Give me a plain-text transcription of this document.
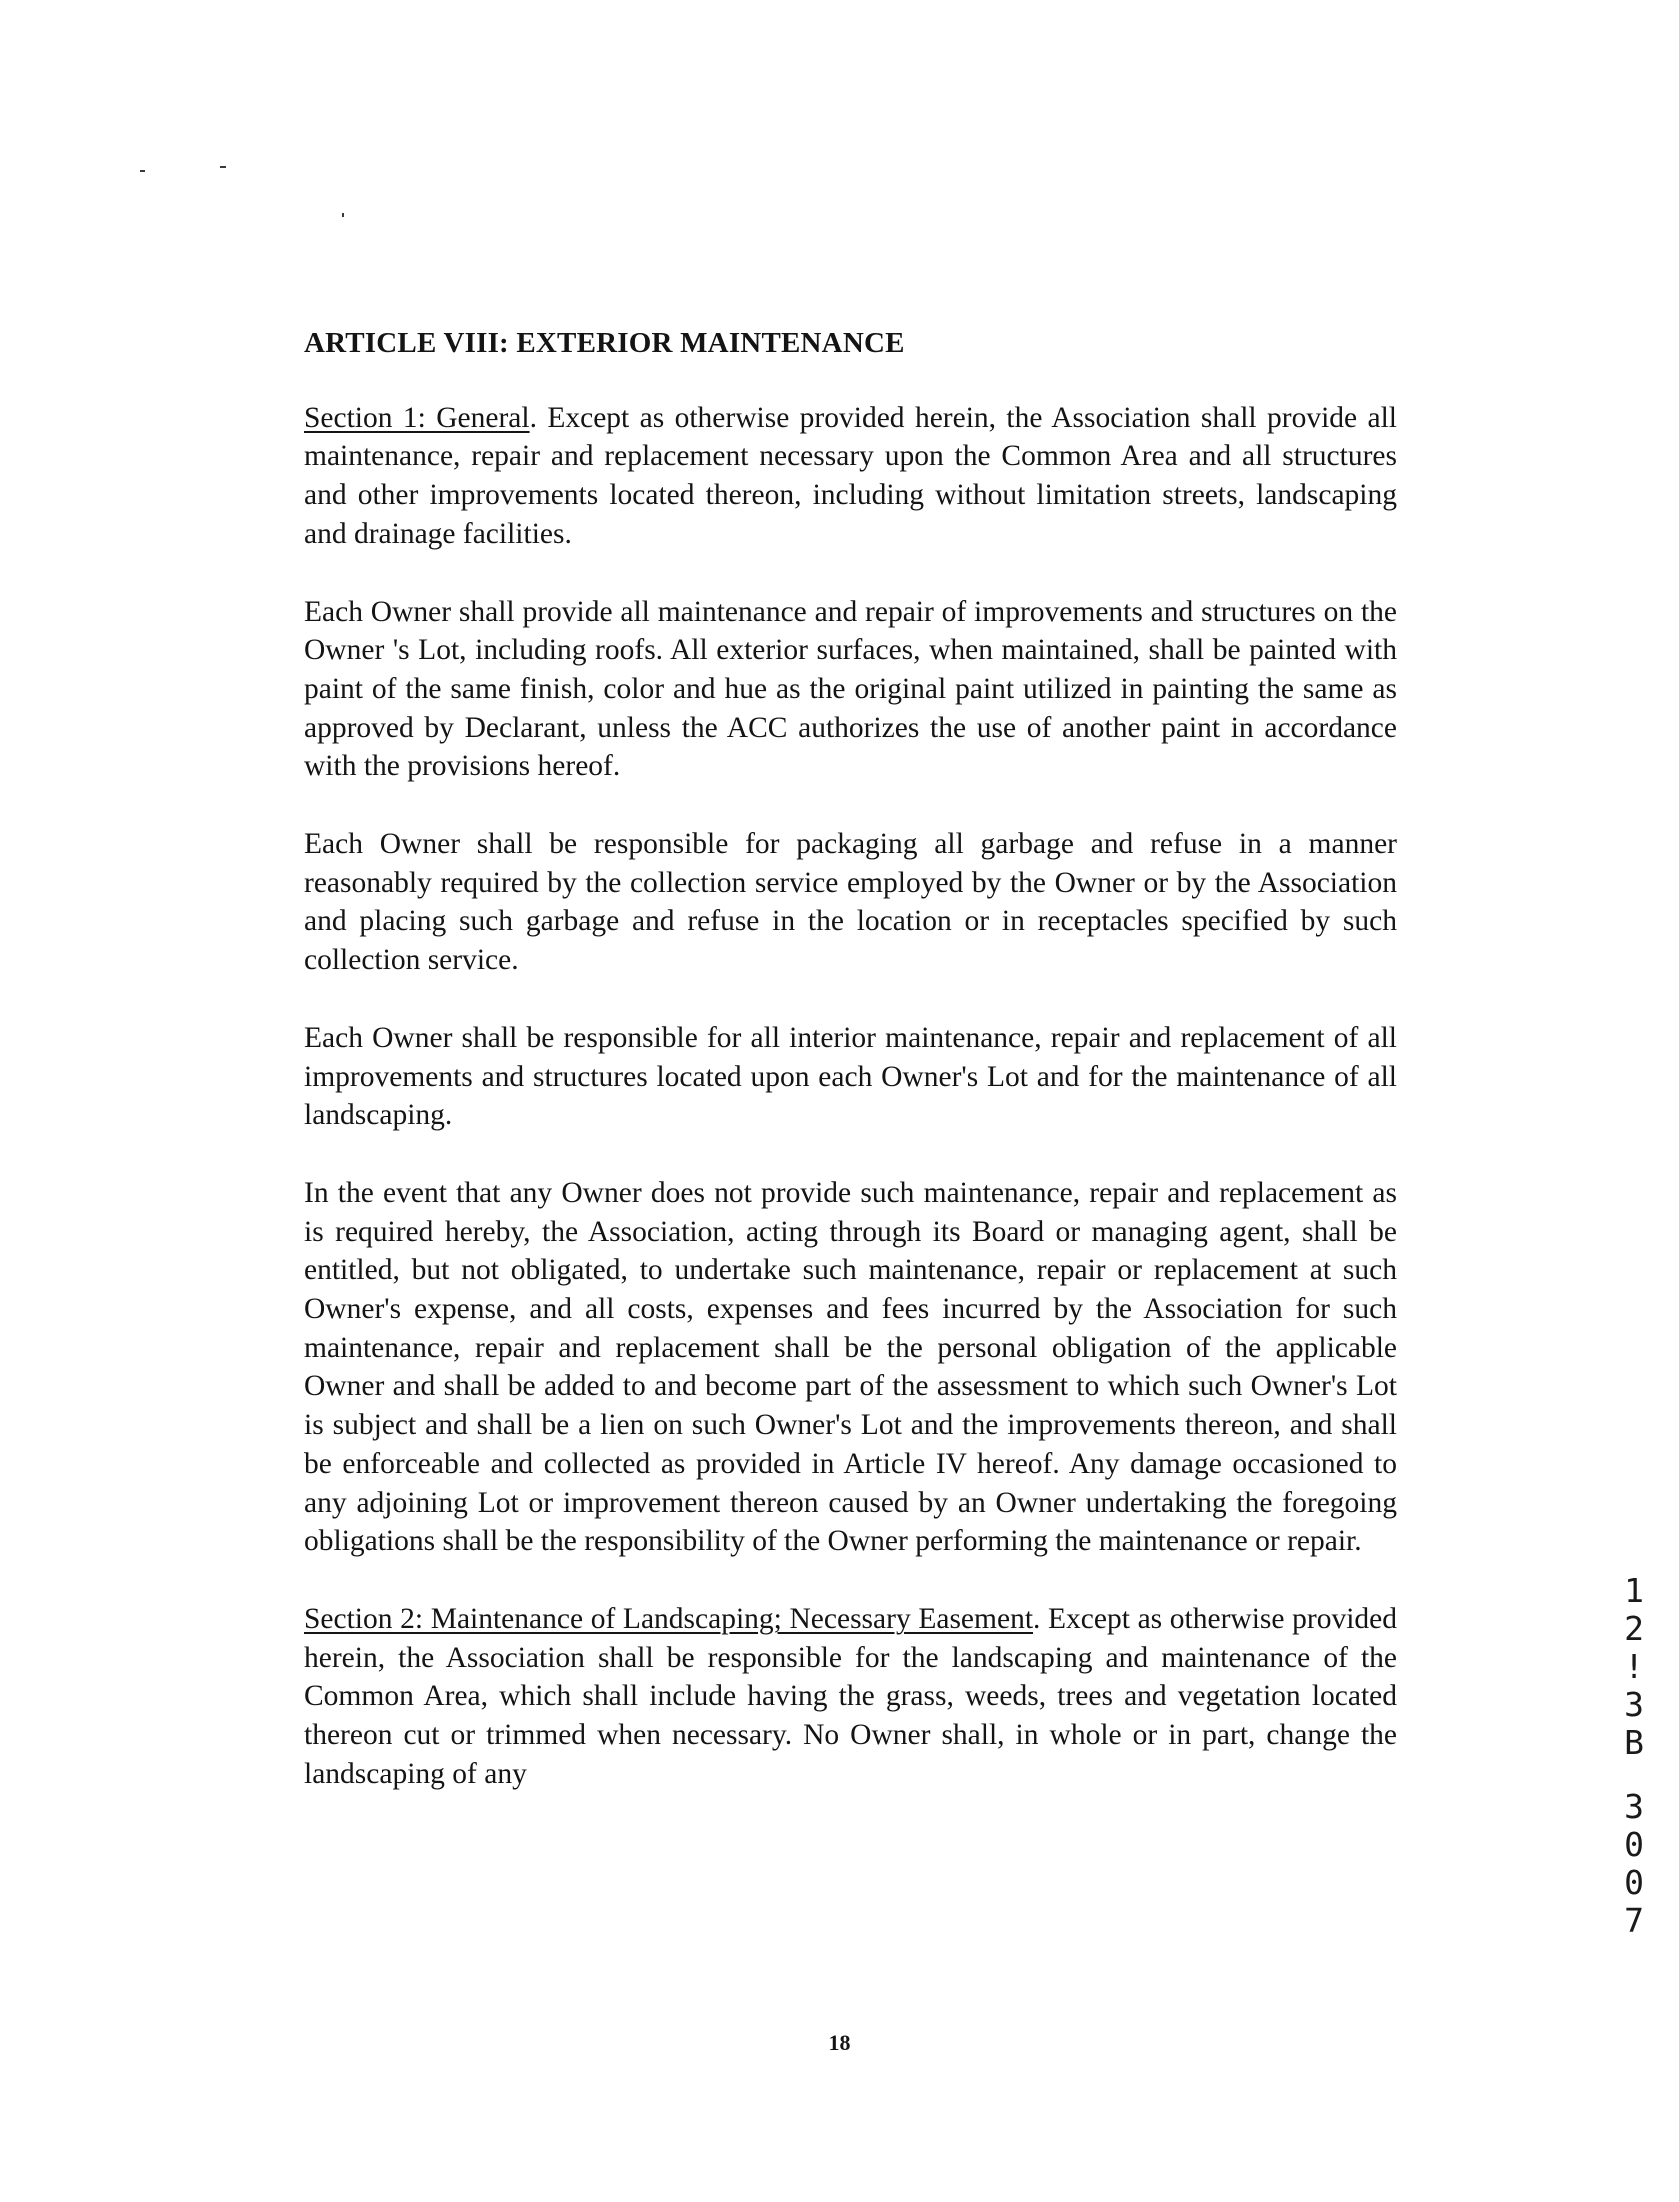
ARTICLE VIII: EXTERIOR MAINTENANCE

Section 1: General. Except as otherwise provided herein, the Association shall provide all maintenance, repair and replacement necessary upon the Common Area and all structures and other improvements located thereon, including without limitation streets, landscaping and drainage facilities.

Each Owner shall provide all maintenance and repair of improvements and structures on the Owner 's Lot, including roofs. All exterior surfaces, when maintained, shall be painted with paint of the same finish, color and hue as the original paint utilized in painting the same as approved by Declarant, unless the ACC authorizes the use of another paint in accordance with the provisions hereof.

Each Owner shall be responsible for packaging all garbage and refuse in a manner reasonably required by the collection service employed by the Owner or by the Association and placing such garbage and refuse in the location or in receptacles specified by such collection service.

Each Owner shall be responsible for all interior maintenance, repair and replacement of all improvements and structures located upon each Owner's Lot and for the maintenance of all landscaping.

In the event that any Owner does not provide such maintenance, repair and replacement as is required hereby, the Association, acting through its Board or managing agent, shall be entitled, but not obligated, to undertake such maintenance, repair or replacement at such Owner's expense, and all costs, expenses and fees incurred by the Association for such maintenance, repair and replacement shall be the personal obligation of the applicable Owner and shall be added to and become part of the assessment to which such Owner's Lot is subject and shall be a lien on such Owner's Lot and the improvements thereon, and shall be enforceable and collected as provided in Article IV hereof. Any damage occasioned to any adjoining Lot or improvement thereon caused by an Owner undertaking the foregoing obligations shall be the responsibility of the Owner performing the maintenance or repair.

Section 2: Maintenance of Landscaping; Necessary Easement. Except as otherwise provided herein, the Association shall be responsible for the landscaping and maintenance of the Common Area, which shall include having the grass, weeds, trees and vegetation located thereon cut or trimmed when necessary. No Owner shall, in whole or in part, change the landscaping of any

18
1
2
!
3
B
3
0
0
7
